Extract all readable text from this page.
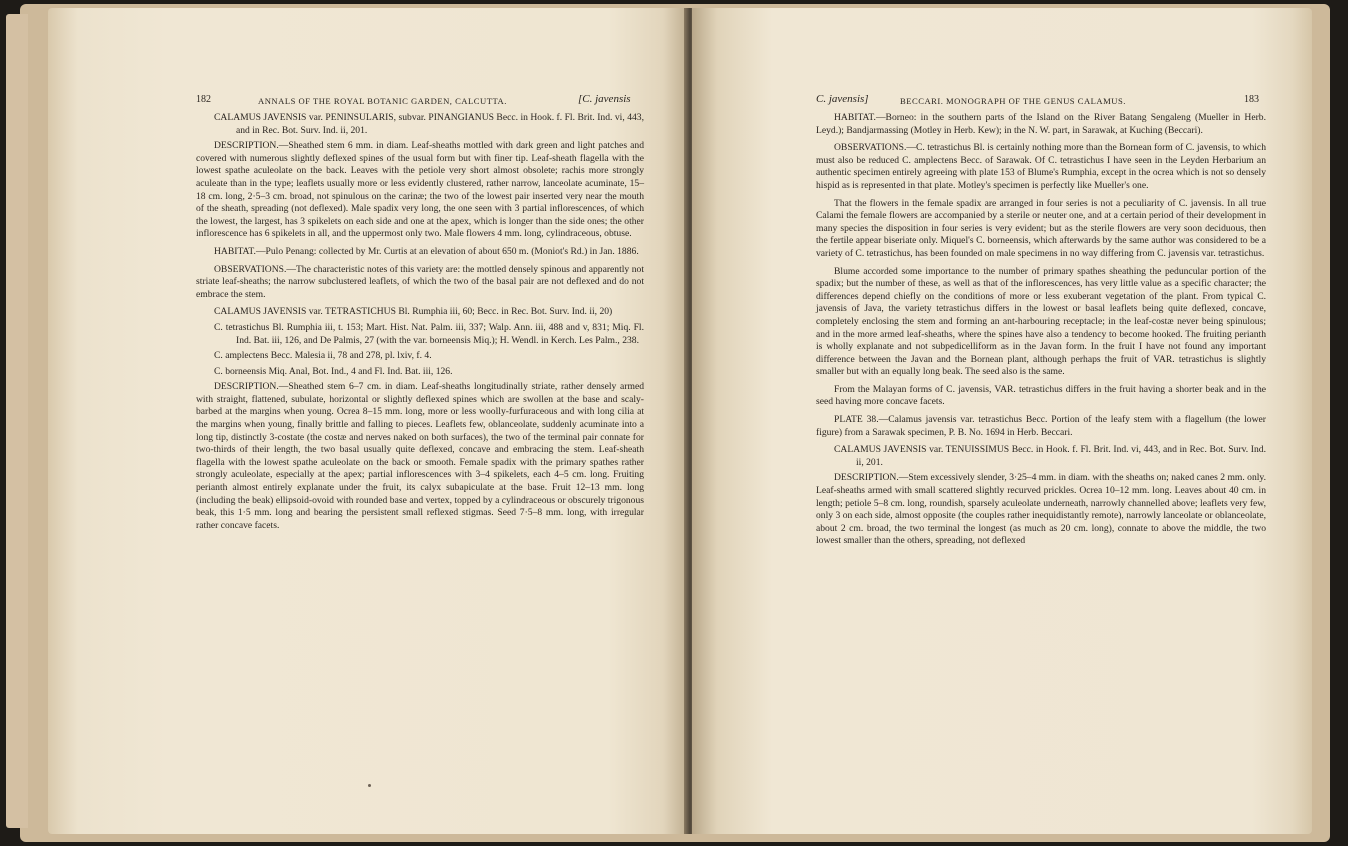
182	ANNALS OF THE ROYAL BOTANIC GARDEN, CALCUTTA.	[C. javensis

CALAMUS JAVENSIS var. PENINSULARIS, subvar. PINANGIANUS Becc. in Hook. f. Fl. Brit. Ind. vi, 443, and in Rec. Bot. Surv. Ind. ii, 201.

DESCRIPTION.—Sheathed stem 6 mm. in diam. Leaf-sheaths mottled with dark green and light patches and covered with numerous slightly deflexed spines of the usual form but with finer tip. Leaf-sheath flagella with the lowest spathe aculeolate on the back. Leaves with the petiole very short almost obsolete; rachis more strongly aculeate than in the type; leaflets usually more or less evidently clustered, rather narrow, lanceolate acuminate, 15–18 cm. long, 2·5–3 cm. broad, not spinulous on the carinæ; the two of the lowest pair inserted very near the mouth of the sheath, spreading (not deflexed). Male spadix very long, the one seen with 3 partial inflorescences, of which the lowest, the largest, has 3 spikelets on each side and one at the apex, which is longer than the side ones; the other inflorescence has 6 spikelets in all, and the uppermost only two. Male flowers 4 mm. long, cylindraceous, obtuse.

HABITAT.—Pulo Penang: collected by Mr. Curtis at an elevation of about 650 m. (Moniot's Rd.) in Jan. 1886.

OBSERVATIONS.—The characteristic notes of this variety are: the mottled densely spinous and apparently not striate leaf-sheaths; the narrow subclustered leaflets, of which the two of the basal pair are not deflexed and do not embrace the stem.

CALAMUS JAVENSIS var. TETRASTICHUS Bl. Rumphia iii, 60; Becc. in Rec. Bot. Surv. Ind. ii, 20)

C. tetrastichus Bl. Rumphia iii, t. 153; Mart. Hist. Nat. Palm. iii, 337; Walp. Ann. iii, 488 and v, 831; Miq. Fl. Ind. Bat. iii, 126, and De Palmis, 27 (with the var. borneensis Miq.); H. Wendl. in Kerch. Les Palm., 238.

C. amplectens Becc. Malesia ii, 78 and 278, pl. lxiv, f. 4.

C. borneensis Miq. Anal, Bot. Ind., 4 and Fl. Ind. Bat. iii, 126.

DESCRIPTION.—Sheathed stem 6–7 cm. in diam. Leaf-sheaths longitudinally striate, rather densely armed with straight, flattened, subulate, horizontal or slightly deflexed spines which are swollen at the base and scaly-barbed at the margins when young. Ocrea 8–15 mm. long, more or less woolly-furfuraceous and with long cilia at the margins when young, finally brittle and falling to pieces. Leaflets few, oblanceolate, suddenly acuminate into a long tip, distinctly 3-costate (the costæ and nerves naked on both surfaces), the two of the terminal pair connate for two-thirds of their length, the two basal usually quite deflexed, concave and embracing the stem. Leaf-sheath flagella with the lowest spathe aculeolate on the back or smooth. Female spadix with the primary spathes rather strongly aculeolate, especially at the apex; partial inflorescences with 3–4 spikelets, each 4–5 cm. long. Fruiting perianth almost entirely explanate under the fruit, its calyx subapiculate at the base. Fruit 12–13 mm. long (including the beak) ellipsoid-ovoid with rounded base and vertex, topped by a cylindraceous or obscurely trigonous beak, this 1·5 mm. long and bearing the persistent small reflexed stigmas. Seed 7·5–8 mm. long, with irregular rather concave facets.

C. javensis]	BECCARI. MONOGRAPH OF THE GENUS CALAMUS.	183

HABITAT.—Borneo: in the southern parts of the Island on the River Batang Sengaleng (Mueller in Herb. Leyd.); Bandjarmassing (Motley in Herb. Kew); in the N. W. part, in Sarawak, at Kuching (Beccari).

OBSERVATIONS.—C. tetrastichus Bl. is certainly nothing more than the Bornean form of C. javensis, to which must also be reduced C. amplectens Becc. of Sarawak. Of C. tetrastichus I have seen in the Leyden Herbarium an authentic specimen entirely agreeing with plate 153 of Blume's Rumphia, except in the ocrea which is not so densely hispid as is represented in that plate. Motley's specimen is perfectly like Mueller's one.

That the flowers in the female spadix are arranged in four series is not a peculiarity of C. javensis. In all true Calami the female flowers are accompanied by a sterile or neuter one, and at a certain period of their development in many species the disposition in four series is very evident; but as the sterile flowers are very soon deciduous, then the fertile appear biseriate only. Miquel's C. borneensis, which afterwards by the same author was considered to be a variety of C. tetrastichus, has been founded on male specimens in no way differing from C. javensis var. tetrastichus.

Blume accorded some importance to the number of primary spathes sheathing the peduncular portion of the spadix; but the number of these, as well as that of the inflorescences, has very little value as a specific character; the differences depend chiefly on the conditions of more or less exuberant vegetation of the plant. From typical C. javensis of Java, the variety tetrastichus differs in the lowest or basal leaflets being quite deflexed, concave, completely enclosing the stem and forming an ant-harbouring receptacle; in the leaf-costæ never being spinulous; and in the more armed leaf-sheaths, where the spines have also a tendency to become hooked. The fruiting perianth is wholly explanate and not subpedicelliform as in the Javan form. In the fruit I have not found any important difference between the Javan and the Bornean plant, although perhaps the fruit of VAR. tetrastichus is slightly smaller but with an equally long beak. The seed also is the same.

From the Malayan forms of C. javensis, VAR. tetrastichus differs in the fruit having a shorter beak and in the seed having more concave facets.

PLATE 38.—Calamus javensis var. tetrastichus Becc. Portion of the leafy stem with a flagellum (the lower figure) from a Sarawak specimen, P. B. No. 1694 in Herb. Beccari.

CALAMUS JAVENSIS var. TENUISSIMUS Becc. in Hook. f. Fl. Brit. Ind. vi, 443, and in Rec. Bot. Surv. Ind. ii, 201.

DESCRIPTION.—Stem excessively slender, 3·25–4 mm. in diam. with the sheaths on; naked canes 2 mm. only. Leaf-sheaths armed with small scattered slightly recurved prickles. Ocrea 10–12 mm. long. Leaves about 40 cm. in length; petiole 5–8 cm. long, roundish, sparsely aculeolate underneath, narrowly channelled above; leaflets very few, only 3 on each side, almost opposite (the couples rather inequidistantly remote), narrowly lanceolate or oblanceolate, about 2 cm. broad, the two terminal the longest (as much as 20 cm. long), connate to above the middle, the two lowest smaller than the others, spreading, not deflexed
